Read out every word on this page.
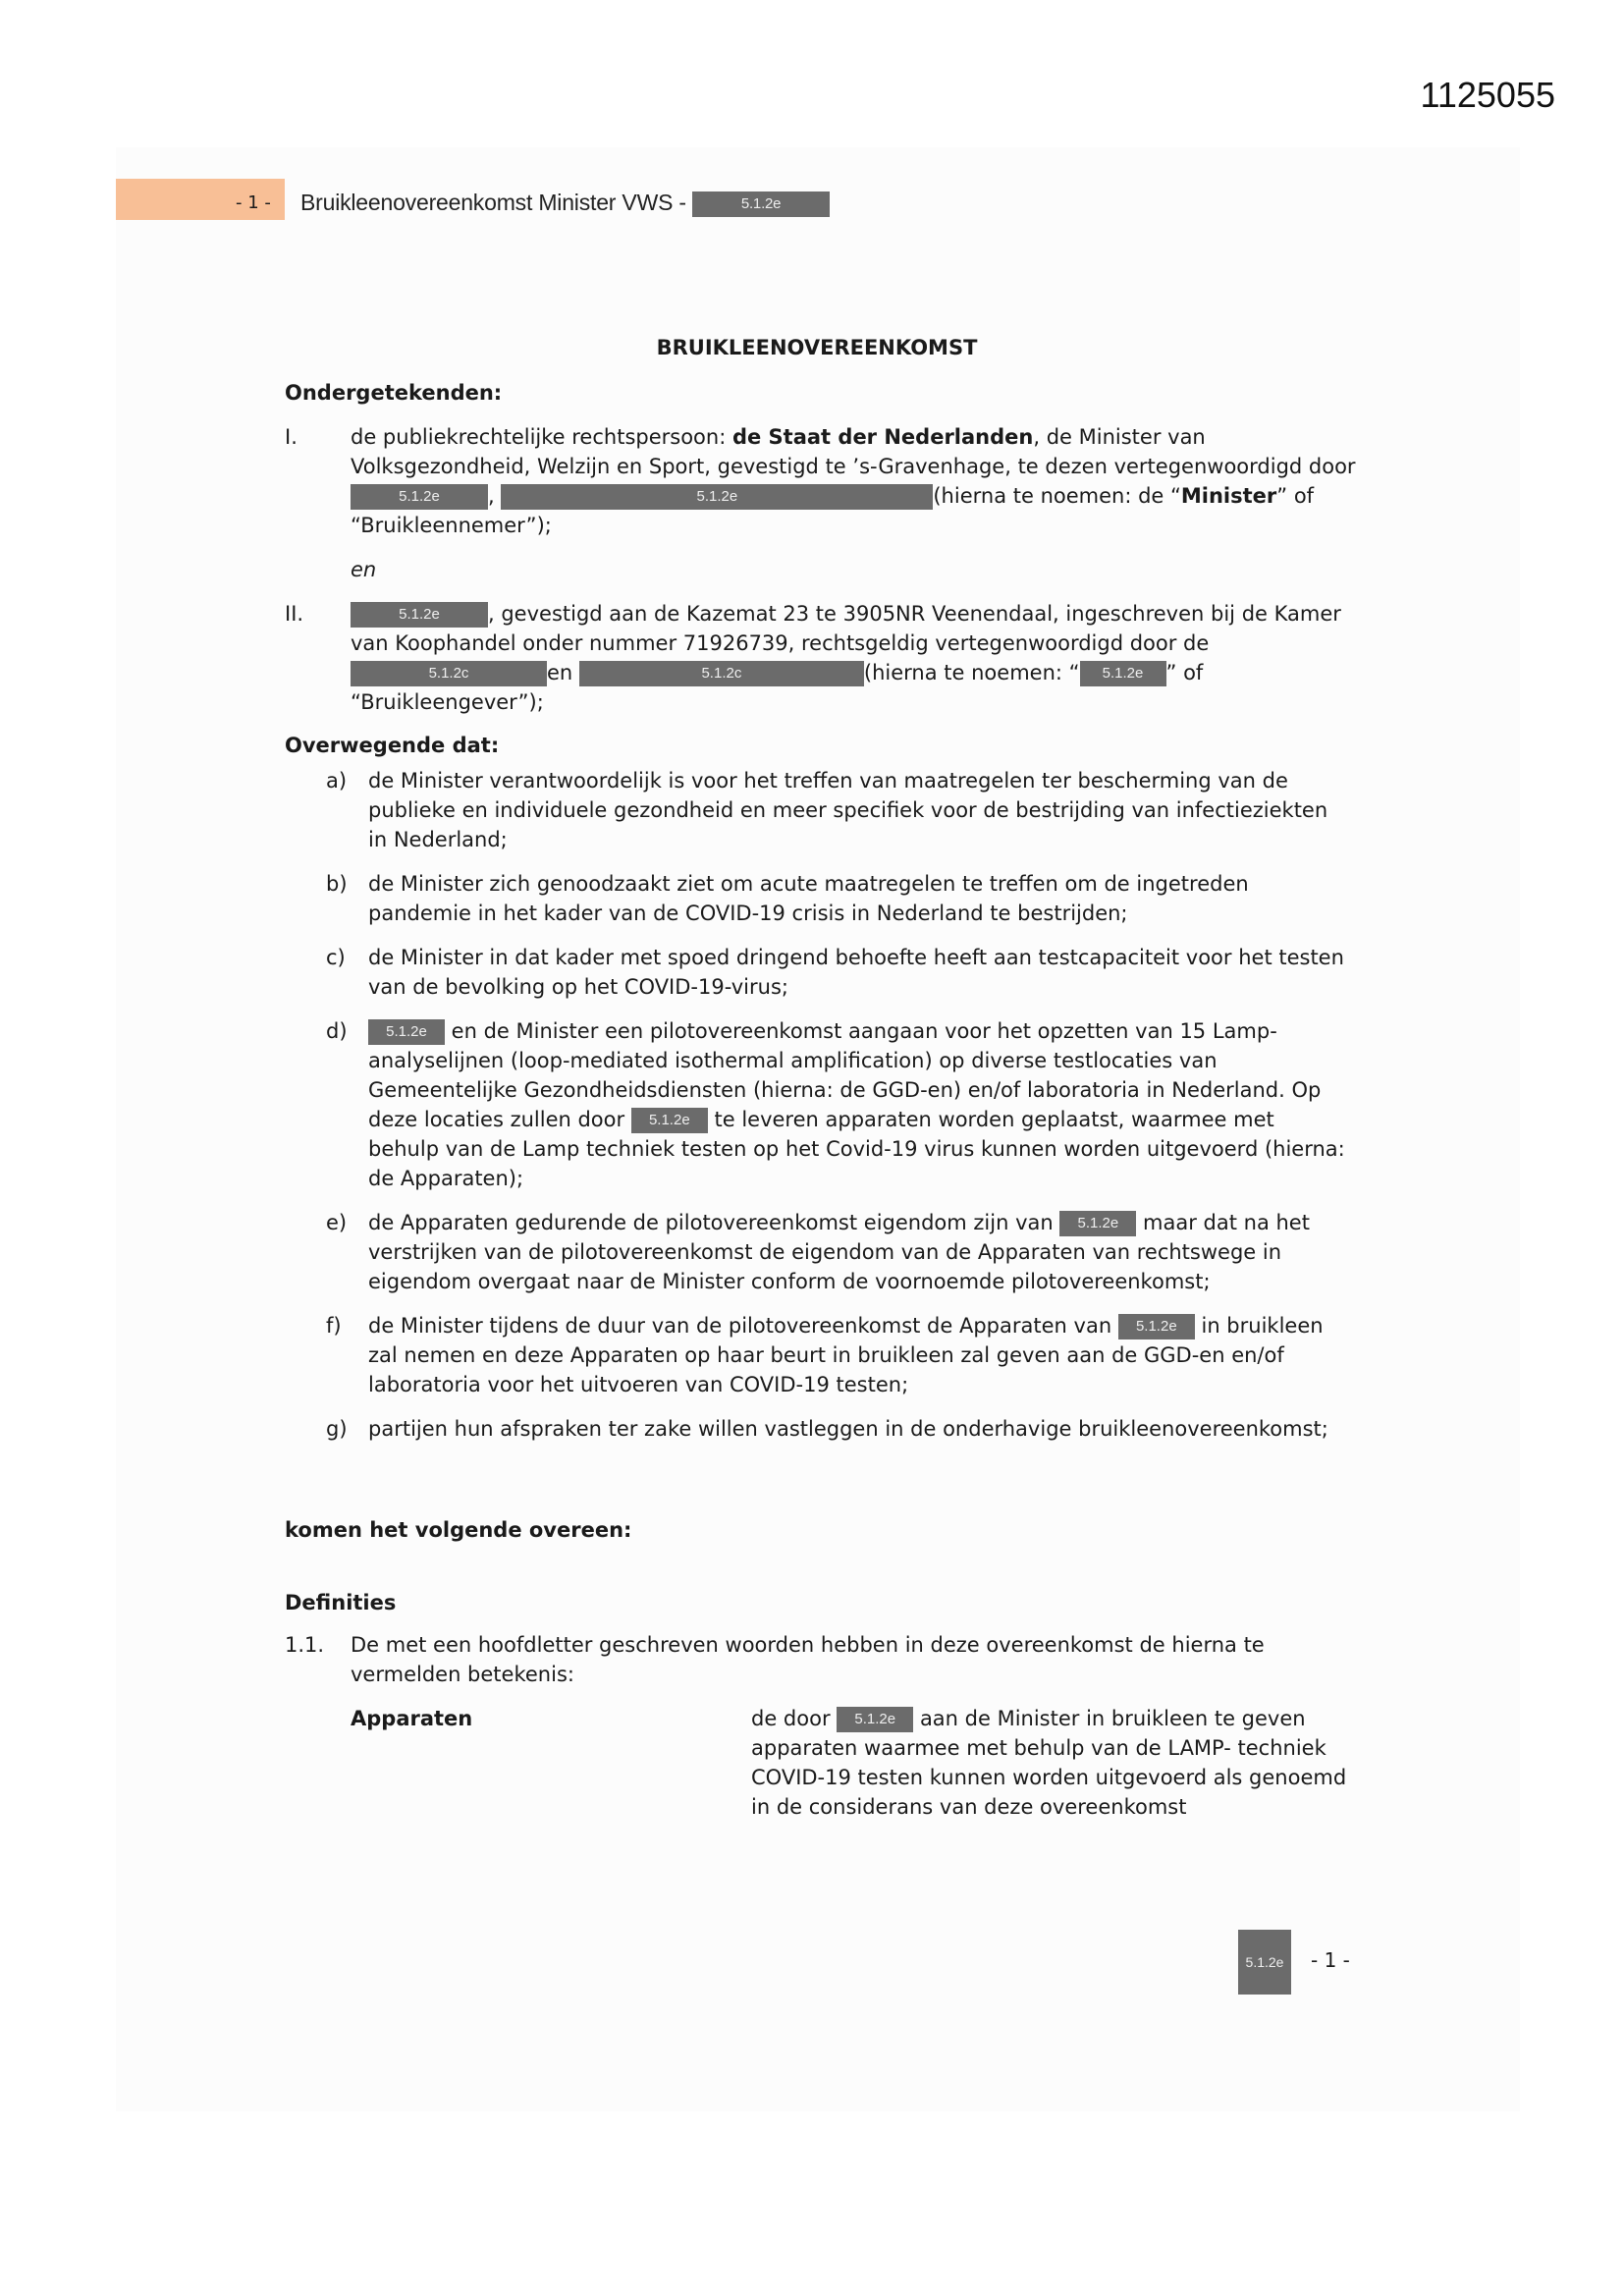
1125055
- 1 - Bruikleenovereenkomst Minister VWS -	5.1.2e
BRUIKLEENOVEREENKOMST
Ondergetekenden:
I.	de publiekrechtelijke rechtspersoon: de Staat der Nederlanden, de Minister van Volksgezondheid, Welzijn en Sport, gevestigd te ’s-Gravenhage, te dezen vertegenwoordigd door 5.1.2e ,	5.1.2e	(hierna te noemen: de “Minister” of “Bruikleennemer”);
en
II.	5.1.2e , gevestigd aan de Kazemat 23 te 3905NR Veenendaal, ingeschreven bij de Kamer van Koophandel onder nummer 71926739, rechtsgeldig vertegenwoordigd door de 5.1.2c	en	5.1.2c	(hierna te noemen: “ 5.1.2e ” of “Bruikleengever”);
Overwegende dat:
a) de Minister verantwoordelijk is voor het treffen van maatregelen ter bescherming van de publieke en individuele gezondheid en meer specifiek voor de bestrijding van infectieziekten in Nederland;
b) de Minister zich genoodzaakt ziet om acute maatregelen te treffen om de ingetreden pandemie in het kader van de COVID-19 crisis in Nederland te bestrijden;
c) de Minister in dat kader met spoed dringend behoefte heeft aan testcapaciteit voor het testen van de bevolking op het COVID-19-virus;
d)	5.1.2e en de Minister een pilotovereenkomst aangaan voor het opzetten van 15 Lamp-analyselijnen (loop-mediated isothermal amplification) op diverse testlocaties van Gemeentelijke Gezondheidsdiensten (hierna: de GGD-en) en/of laboratoria in Nederland. Op deze locaties zullen door 5.1.2e te leveren apparaten worden geplaatst, waarmee met behulp van de Lamp techniek testen op het Covid-19 virus kunnen worden uitgevoerd (hierna: de Apparaten);
e) de Apparaten gedurende de pilotovereenkomst eigendom zijn van 5.1.2e maar dat na het verstrijken van de pilotovereenkomst de eigendom van de Apparaten van rechtswege in eigendom overgaat naar de Minister conform de voornoemde pilotovereenkomst;
f) de Minister tijdens de duur van de pilotovereenkomst de Apparaten van 5.1.2e in bruikleen zal nemen en deze Apparaten op haar beurt in bruikleen zal geven aan de GGD-en en/of laboratoria voor het uitvoeren van COVID-19 testen;
g) partijen hun afspraken ter zake willen vastleggen in de onderhavige bruikleenovereenkomst;
komen het volgende overeen:
Definities
1.1. De met een hoofdletter geschreven woorden hebben in deze overeenkomst de hierna te vermelden betekenis:
Apparaten	de door 5.1.2e aan de Minister in bruikleen te geven apparaten waarmee met behulp van de LAMP- techniek COVID-19 testen kunnen worden uitgevoerd als genoemd in de considerans van deze overeenkomst
5.1.2e	- 1 -
